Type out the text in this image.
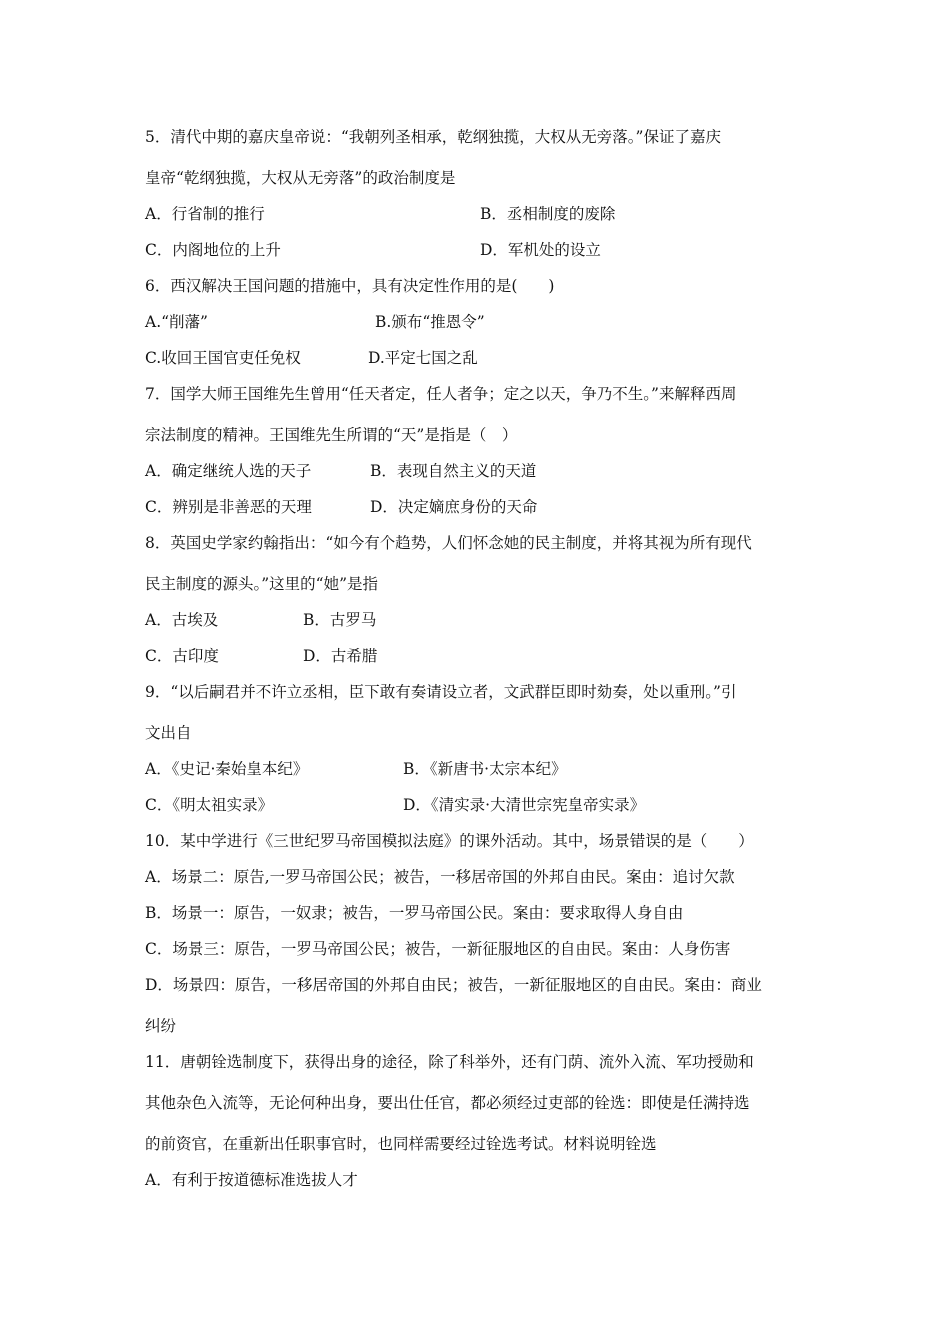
5．清代中期的嘉庆皇帝说：“我朝列圣相承，乾纲独揽，大权从无旁落。”保证了嘉庆
皇帝“乾纲独揽，大权从无旁落”的政治制度是
A．行省制的推行	B．丞相制度的废除
C．内阁地位的上升	D．军机处的设立
6．西汉解决王国问题的措施中，具有决定性作用的是(　　)
A.“削藩”	B.颁布“推恩令”
C.收回王国官吏任免权	D.平定七国之乱
7．国学大师王国维先生曾用“任天者定，任人者争；定之以天，争乃不生。”来解释西周
宗法制度的精神。王国维先生所谓的“天”是指是（　）
A．确定继统人选的天子	B．表现自然主义的天道
C．辨别是非善恶的天理	D．决定嫡庶身份的天命
8．英国史学家约翰指出：“如今有个趋势，人们怀念她的民主制度，并将其视为所有现代
民主制度的源头。”这里的“她”是指
A．古埃及	B．古罗马
C．古印度	D．古希腊
9．“以后嗣君并不许立丞相，臣下敢有奏请设立者，文武群臣即时劾奏，处以重刑。”引
文出自
A．《史记·秦始皇本纪》	B．《新唐书·太宗本纪》
C．《明太祖实录》	D．《清实录·大清世宗宪皇帝实录》
10．某中学进行《三世纪罗马帝国模拟法庭》的课外活动。其中，场景错误的是（　　）
A．场景二：原告,一罗马帝国公民；被告，一移居帝国的外邦自由民。案由：追讨欠款
B．场景一：原告，一奴隶；被告，一罗马帝国公民。案由：要求取得人身自由
C．场景三：原告，一罗马帝国公民；被告，一新征服地区的自由民。案由：人身伤害
D．场景四：原告，一移居帝国的外邦自由民；被告，一新征服地区的自由民。案由：商业
纠纷
11．唐朝铨选制度下，获得出身的途径，除了科举外，还有门荫、流外入流、军功授勋和
其他杂色入流等，无论何种出身，要出仕任官，都必须经过吏部的铨选：即使是任满持选
的前资官，在重新出任职事官时，也同样需要经过铨选考试。材料说明铨选
A．有利于按道德标准选拔人才
